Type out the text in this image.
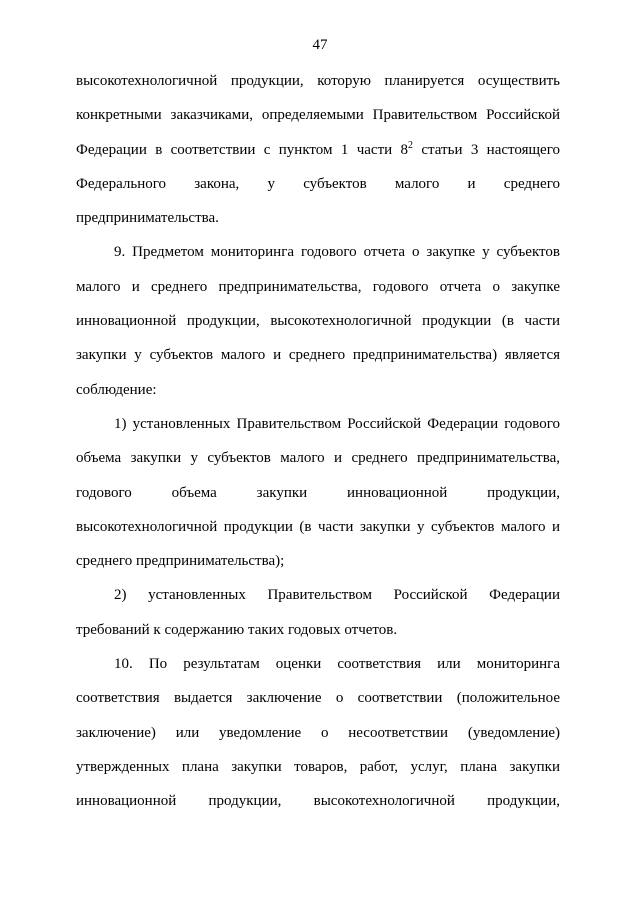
47
высокотехнологичной продукции, которую планируется осуществить
конкретными заказчиками, определяемыми Правительством Российской
Федерации в соответствии с пунктом 1 части $8^2$ статьи 3 настоящего
Федерального закона, у субъектов малого и среднего
предпринимательства.
9. Предметом мониторинга годового отчета о закупке у субъектов
малого и среднего предпринимательства, годового отчета о закупке
инновационной продукции, высокотехнологичной продукции (в части
закупки у субъектов малого и среднего предпринимательства) является
соблюдение:
1) установленных Правительством Российской Федерации годового
объема закупки у субъектов малого и среднего предпринимательства,
годового объема закупки инновационной продукции,
высокотехнологичной продукции (в части закупки у субъектов малого и
среднего предпринимательства);
2) установленных Правительством Российской Федерации
требований к содержанию таких годовых отчетов.
10. По результатам оценки соответствия или мониторинга
соответствия выдается заключение о соответствии (положительное
заключение) или уведомление о несоответствии (уведомление)
утвержденных плана закупки товаров, работ, услуг, плана закупки
инновационной продукции, высокотехнологичной продукции,
